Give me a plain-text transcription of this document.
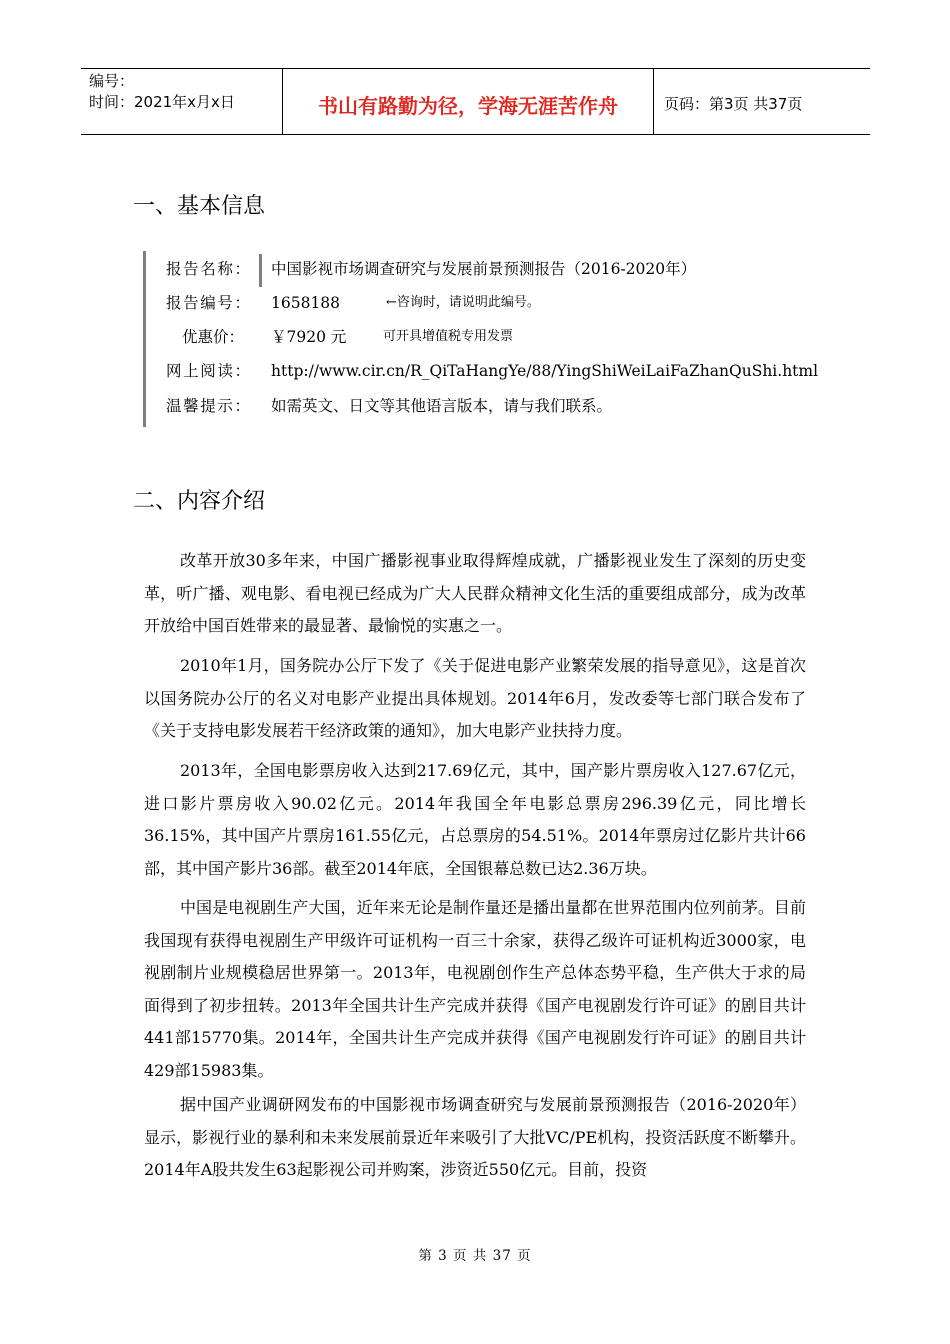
编号：
时间：2021年x月x日	书山有路勤为径，学海无涯苦作舟	页码：第3页 共37页
一、基本信息
报告名称： 中国影视市场调查研究与发展前景预测报告（2016-2020年）
报告编号： 1658188	←咨询时，请说明此编号。
优惠价： ￥7920 元	可开具增值税专用发票
网上阅读： http://www.cir.cn/R_QiTaHangYe/88/YingShiWeiLaiFaZhanQuShi.html
温馨提示： 如需英文、日文等其他语言版本，请与我们联系。
二、内容介绍

改革开放30多年来，中国广播影视事业取得辉煌成就，广播影视业发生了深刻的历史变革，听广播、观电影、看电视已经成为广大人民群众精神文化生活的重要组成部分，成为改革开放给中国百姓带来的最显著、最愉悦的实惠之一。

2010年1月，国务院办公厅下发了《关于促进电影产业繁荣发展的指导意见》，这是首次以国务院办公厅的名义对电影产业提出具体规划。2014年6月，发改委等七部门联合发布了《关于支持电影发展若干经济政策的通知》，加大电影产业扶持力度。

2013年，全国电影票房收入达到217.69亿元，其中，国产影片票房收入127.67亿元，进口影片票房收入90.02亿元。2014年我国全年电影总票房296.39亿元，同比增长36.15%，其中国产片票房161.55亿元，占总票房的54.51%。2014年票房过亿影片共计66部，其中国产影片36部。截至2014年底，全国银幕总数已达2.36万块。

中国是电视剧生产大国，近年来无论是制作量还是播出量都在世界范围内位列前茅。目前我国现有获得电视剧生产甲级许可证机构一百三十余家，获得乙级许可证机构近3000家，电视剧制片业规模稳居世界第一。2013年，电视剧创作生产总体态势平稳，生产供大于求的局面得到了初步扭转。2013年全国共计生产完成并获得《国产电视剧发行许可证》的剧目共计441部15770集。2014年，全国共计生产完成并获得《国产电视剧发行许可证》的剧目共计429部15983集。

据中国产业调研网发布的中国影视市场调查研究与发展前景预测报告（2016-2020年）显示，影视行业的暴利和未来发展前景近年来吸引了大批VC/PE机构，投资活跃度不断攀升。2014年A股共发生63起影视公司并购案，涉资近550亿元。目前，投资

第 3 页 共 37 页
